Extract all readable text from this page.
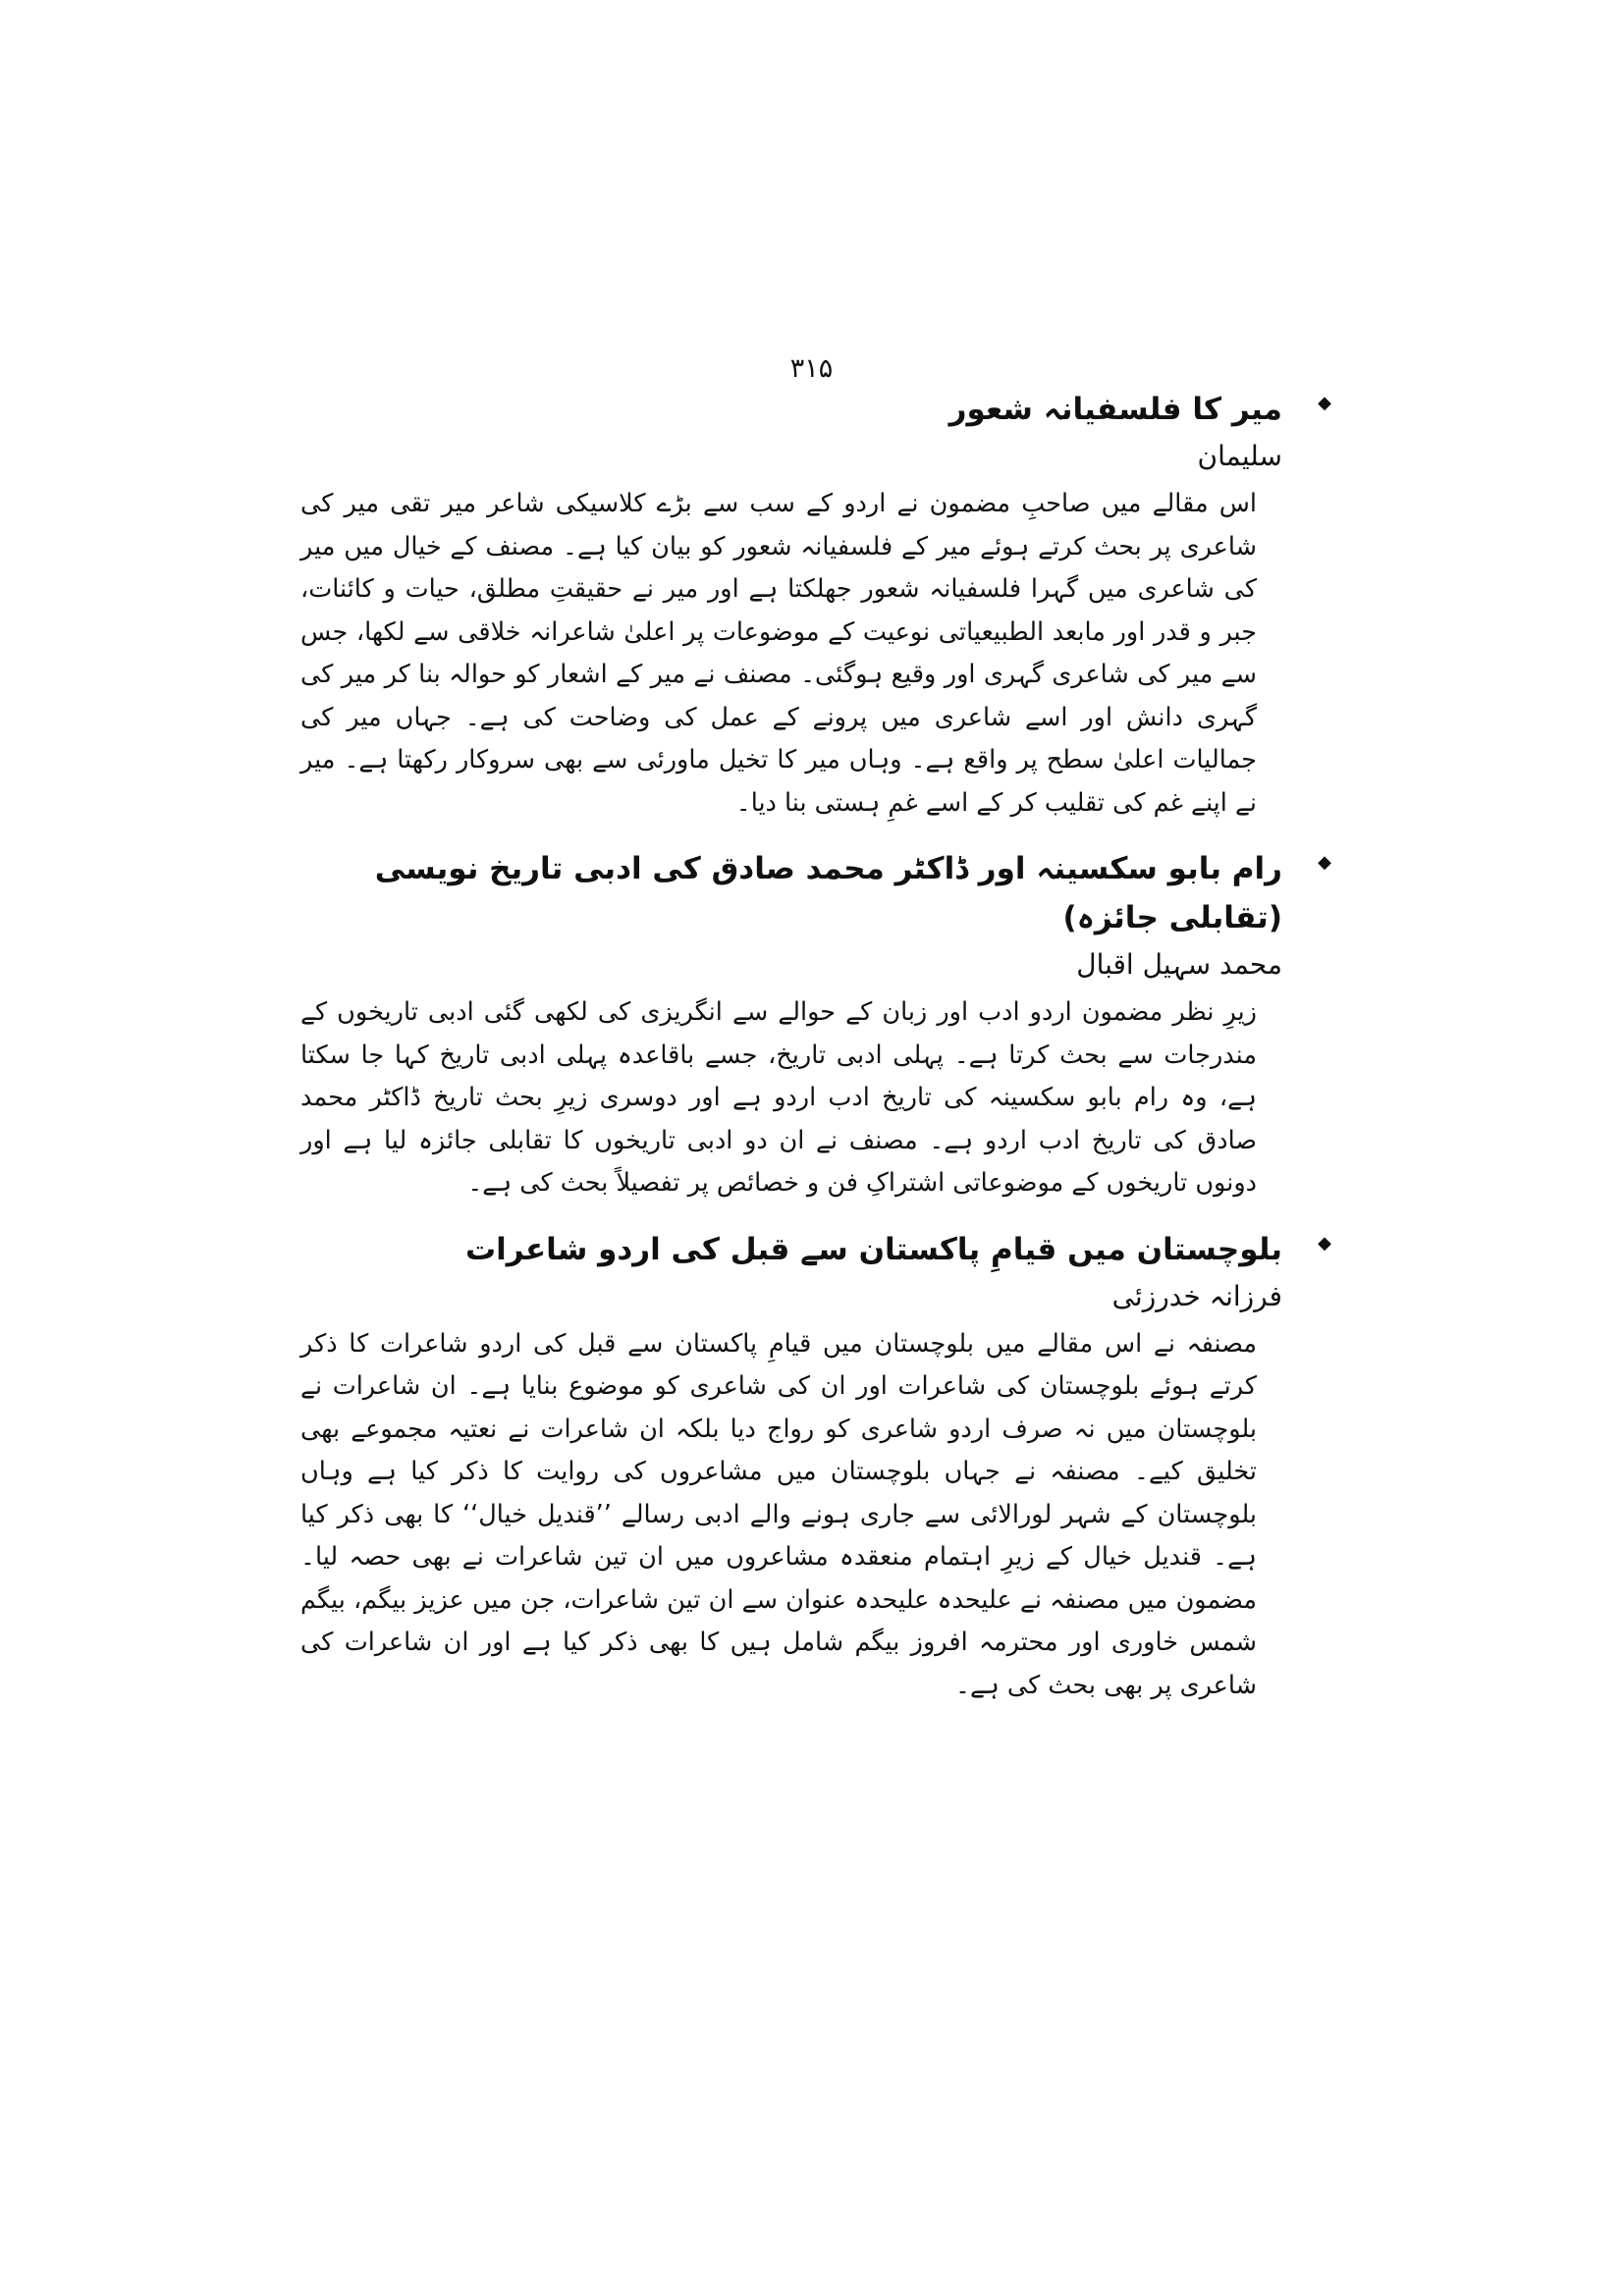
۳۱۵
◆
میر کا فلسفیانہ شعور
سلیمان

اس مقالے میں صاحبِ مضمون نے اردو کے سب سے بڑے کلاسیکی شاعر میر تقی میر کی شاعری پر بحث کرتے ہوئے میر کے فلسفیانہ شعور کو بیان کیا ہے۔ مصنف کے خیال میں میر کی شاعری میں گہرا فلسفیانہ شعور جھلکتا ہے اور میر نے حقیقتِ مطلق، حیات و کائنات، جبر و قدر اور مابعد الطبیعیاتی نوعیت کے موضوعات پر اعلیٰ شاعرانہ خلاقی سے لکھا، جس سے میر کی شاعری گہری اور وقیع ہوگئی۔ مصنف نے میر کے اشعار کو حوالہ بنا کر میر کی گہری دانش اور اسے شاعری میں پرونے کے عمل کی وضاحت کی ہے۔ جہاں میر کی جمالیات اعلیٰ سطح پر واقع ہے۔ وہاں میر کا تخیل ماورئی سے بھی سروکار رکھتا ہے۔ میر نے اپنے غم کی تقلیب کر کے اسے غمِ ہستی بنا دیا۔

◆
رام بابو سکسینہ اور ڈاکٹر محمد صادق کی ادبی تاریخ نویسی (تقابلی جائزہ)
محمد سہیل اقبال

زیرِ نظر مضمون اردو ادب اور زبان کے حوالے سے انگریزی کی لکھی گئی ادبی تاریخوں کے مندرجات سے بحث کرتا ہے۔ پہلی ادبی تاریخ، جسے باقاعدہ پہلی ادبی تاریخ کہا جا سکتا ہے، وہ رام بابو سکسینہ کی تاریخ ادب اردو ہے اور دوسری زیرِ بحث تاریخ ڈاکٹر محمد صادق کی تاریخ ادب اردو ہے۔ مصنف نے ان دو ادبی تاریخوں کا تقابلی جائزہ لیا ہے اور دونوں تاریخوں کے موضوعاتی اشتراکِ فن و خصائص پر تفصیلاً بحث کی ہے۔

◆
بلوچستان میں قیامِ پاکستان سے قبل کی اردو شاعرات
فرزانہ خدرزئی

مصنفہ نے اس مقالے میں بلوچستان میں قیامِ پاکستان سے قبل کی اردو شاعرات کا ذکر کرتے ہوئے بلوچستان کی شاعرات اور ان کی شاعری کو موضوع بنایا ہے۔ ان شاعرات نے بلوچستان میں نہ صرف اردو شاعری کو رواج دیا بلکہ ان شاعرات نے نعتیہ مجموعے بھی تخلیق کیے۔ مصنفہ نے جہاں بلوچستان میں مشاعروں کی روایت کا ذکر کیا ہے وہاں بلوچستان کے شہر لورالائی سے جاری ہونے والے ادبی رسالے ’’قندیل خیال‘‘ کا بھی ذکر کیا ہے۔ قندیل خیال کے زیرِ اہتمام منعقدہ مشاعروں میں ان تین شاعرات نے بھی حصہ لیا۔ مضمون میں مصنفہ نے علیحدہ علیحدہ عنوان سے ان تین شاعرات، جن میں عزیز بیگم، بیگم شمس خاوری اور محترمہ افروز بیگم شامل ہیں کا بھی ذکر کیا ہے اور ان شاعرات کی شاعری پر بھی بحث کی ہے۔
